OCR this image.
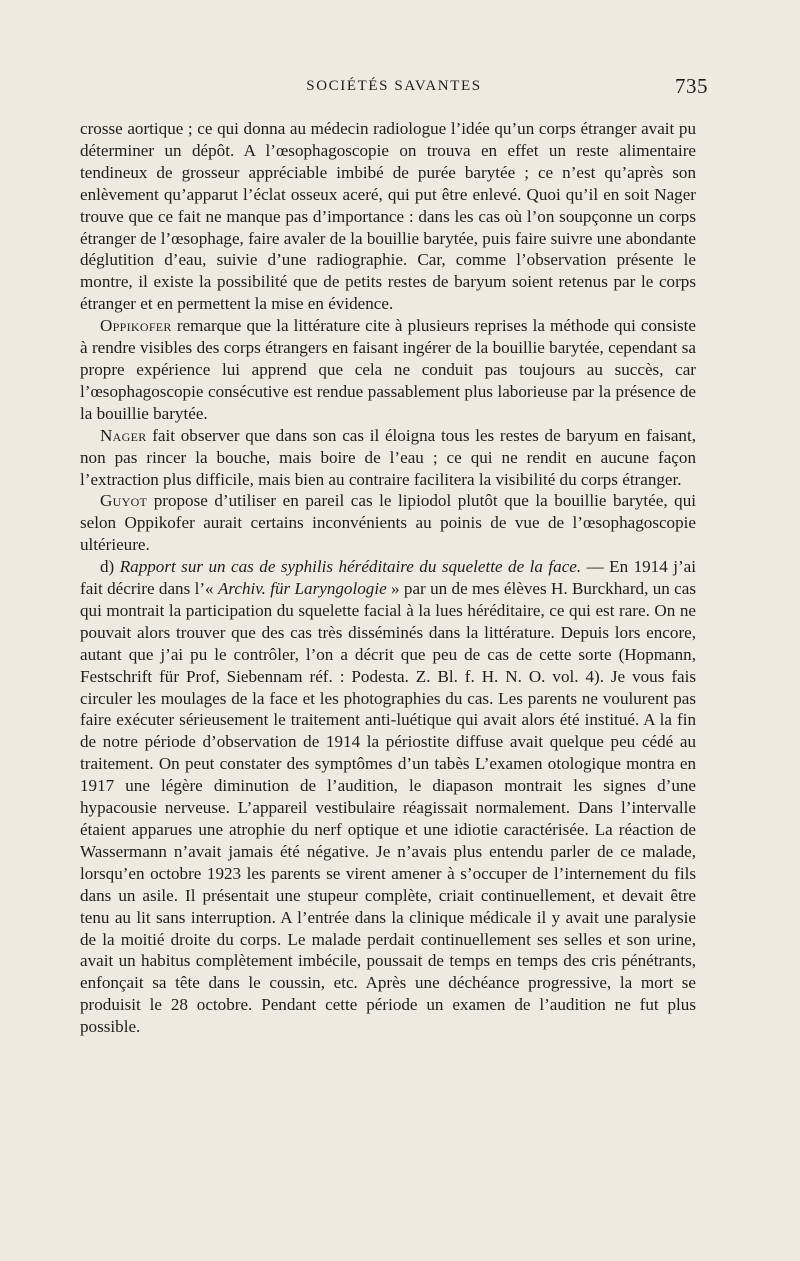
SOCIÉTÉS SAVANTES	735

crosse aortique ; ce qui donna au médecin radiologue l’idée qu’un corps étranger avait pu déterminer un dépôt. A l’œsophagoscopie on trouva en effet un reste alimentaire tendineux de grosseur appréciable imbibé de purée barytée ; ce n’est qu’après son enlèvement qu’apparut l’éclat osseux aceré, qui put être enlevé. Quoi qu’il en soit Nager trouve que ce fait ne manque pas d’importance : dans les cas où l’on soupçonne un corps étranger de l’œsophage, faire avaler de la bouillie barytée, puis faire suivre une abondante déglutition d’eau, suivie d’une radiographie. Car, comme l’observation présente le montre, il existe la possibilité que de petits restes de baryum soient retenus par le corps étranger et en permettent la mise en évidence.

Oppikofer remarque que la littérature cite à plusieurs reprises la méthode qui consiste à rendre visibles des corps étrangers en faisant ingérer de la bouillie barytée, cependant sa propre expérience lui apprend que cela ne conduit pas toujours au succès, car l’œsophagoscopie consécutive est rendue passablement plus laborieuse par la présence de la bouillie barytée.

Nager fait observer que dans son cas il éloigna tous les restes de baryum en faisant, non pas rincer la bouche, mais boire de l’eau ; ce qui ne rendit en aucune façon l’extraction plus difficile, mais bien au contraire facilitera la visibilité du corps étranger.

Guyot propose d’utiliser en pareil cas le lipiodol plutôt que la bouillie barytée, qui selon Oppikofer aurait certains inconvénients au poinis de vue de l’œsophagoscopie ultérieure.

d) Rapport sur un cas de syphilis héréditaire du squelette de la face. — En 1914 j’ai fait décrire dans l’« Archiv. für Laryngologie » par un de mes élèves H. Burckhard, un cas qui montrait la participation du squelette facial à la lues héréditaire, ce qui est rare. On ne pouvait alors trouver que des cas très disséminés dans la littérature. Depuis lors encore, autant que j’ai pu le contrôler, l’on a décrit que peu de cas de cette sorte (Hopmann, Festschrift für Prof, Siebennam réf. : Podesta. Z. Bl. f. H. N. O. vol. 4). Je vous fais circuler les moulages de la face et les photographies du cas. Les parents ne voulurent pas faire exécuter sérieusement le traitement anti-luétique qui avait alors été institué. A la fin de notre période d’observation de 1914 la périostite diffuse avait quelque peu cédé au traitement. On peut constater des symptômes d’un tabès L’examen otologique montra en 1917 une légère diminution de l’audition, le diapason montrait les signes d’une hypacousie nerveuse. L’appareil vestibulaire réagissait normalement. Dans l’intervalle étaient apparues une atrophie du nerf optique et une idiotie caractérisée. La réaction de Wassermann n’avait jamais été négative. Je n’avais plus entendu parler de ce malade, lorsqu’en octobre 1923 les parents se virent amener à s’occuper de l’internement du fils dans un asile. Il présentait une stupeur complète, criait continuellement, et devait être tenu au lit sans interruption. A l’entrée dans la clinique médicale il y avait une paralysie de la moitié droite du corps. Le malade perdait continuellement ses selles et son urine, avait un habitus complètement imbécile, poussait de temps en temps des cris pénétrants, enfonçait sa tête dans le coussin, etc. Après une déchéance progressive, la mort se produisit le 28 octobre. Pendant cette période un examen de l’audition ne fut plus possible.
